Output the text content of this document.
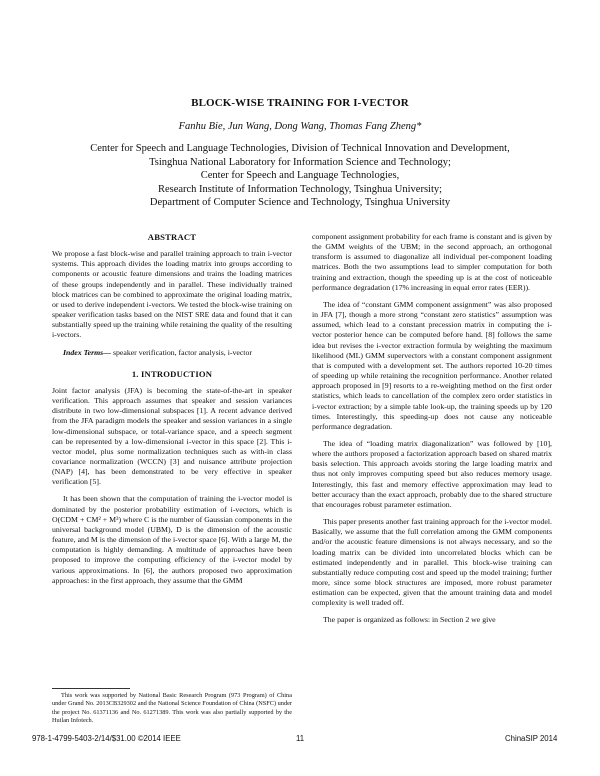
BLOCK-WISE TRAINING FOR I-VECTOR
Fanhu Bie, Jun Wang, Dong Wang, Thomas Fang Zheng*
Center for Speech and Language Technologies, Division of Technical Innovation and Development,
Tsinghua National Laboratory for Information Science and Technology;
Center for Speech and Language Technologies,
Research Institute of Information Technology, Tsinghua University;
Department of Computer Science and Technology, Tsinghua University
ABSTRACT

We propose a fast block-wise and parallel training approach to train i-vector systems. This approach divides the loading matrix into groups according to components or acoustic feature dimensions and trains the loading matrices of these groups independently and in parallel. These individually trained block matrices can be combined to approximate the original loading matrix, or used to derive independent i-vectors. We tested the block-wise training on speaker verification tasks based on the NIST SRE data and found that it can substantially speed up the training while retaining the quality of the resulting i-vectors.

Index Terms— speaker verification, factor analysis, i-vector

1. INTRODUCTION

Joint factor analysis (JFA) is becoming the state-of-the-art in speaker verification. This approach assumes that speaker and session variances distribute in two low-dimensional subspaces [1]. A recent advance derived from the JFA paradigm models the speaker and session variances in a single low-dimensional subspace, or total-variance space, and a speech segment can be represented by a low-dimensional i-vector in this space [2]. This i-vector model, plus some normalization techniques such as with-in class covariance normalization (WCCN) [3] and nuisance attribute projection (NAP) [4], has been demonstrated to be very effective in speaker verification [5].

It has been shown that the computation of training the i-vector model is dominated by the posterior probability estimation of i-vectors, which is O(CDM + CM² + M³) where C is the number of Gaussian components in the universal background model (UBM), D is the dimension of the acoustic feature, and M is the dimension of the i-vector space [6]. With a large M, the computation is highly demanding. A multitude of approaches have been proposed to improve the computing efficiency of the i-vector model by various approximations. In [6], the authors proposed two approximation approaches: in the first approach, they assume that the GMM

component assignment probability for each frame is constant and is given by the GMM weights of the UBM; in the second approach, an orthogonal transform is assumed to diagonalize all individual per-component loading matrices. Both the two assumptions lead to simpler computation for both training and extraction, though the speeding up is at the cost of noticeable performance degradation (17% increasing in equal error rates (EER)).

The idea of “constant GMM component assignment” was also proposed in JFA [7], though a more strong “constant zero statistics” assumption was assumed, which lead to a constant precession matrix in computing the i-vector posterior hence can be computed before hand. [8] follows the same idea but revises the i-vector extraction formula by weighting the maximum likelihood (ML) GMM supervectors with a constant component assignment that is computed with a development set. The authors reported 10-20 times of speeding up while retaining the recognition performance. Another related approach proposed in [9] resorts to a re-weighting method on the first order statistics, which leads to cancellation of the complex zero order statistics in i-vector extraction; by a simple table look-up, the training speeds up by 120 times. Interestingly, this speeding-up does not cause any noticeable performance degradation.

The idea of “loading matrix diagonalization” was followed by [10], where the authors proposed a factorization approach based on shared matrix basis selection. This approach avoids storing the large loading matrix and thus not only improves computing speed but also reduces memory usage. Interestingly, this fast and memory effective approximation may lead to better accuracy than the exact approach, probably due to the shared structure that encourages robust parameter estimation.

This paper presents another fast training approach for the i-vector model. Basically, we assume that the full correlation among the GMM components and/or the acoustic feature dimensions is not always necessary, and so the loading matrix can be divided into uncorrelated blocks which can be estimated independently and in parallel. This block-wise training can substantially reduce computing cost and speed up the model training; further more, since some block structures are imposed, more robust parameter estimation can be expected, given that the amount training data and model complexity is well traded off.

The paper is organized as follows: in Section 2 we give

This work was supported by National Basic Research Program (973 Program) of China under Grand No. 2013CB329302 and the National Science Foundation of China (NSFC) under the project No. 61371136 and No. 61271389. This work was also partially supported by the Huilan Infotech.
978-1-4799-5403-2/14/$31.00 ©2014 IEEE	11	ChinaSIP 2014
